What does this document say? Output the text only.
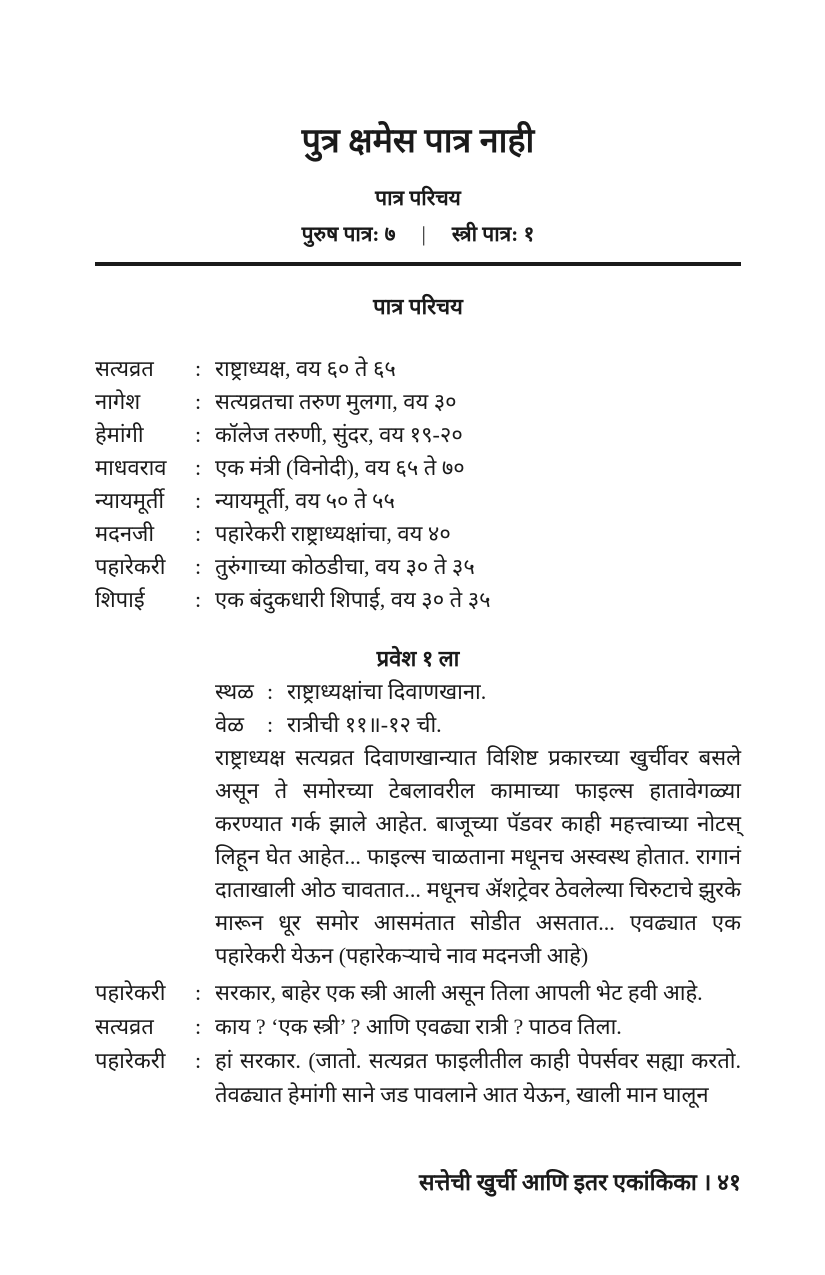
पुत्र क्षमेस पात्र नाही
पात्र परिचय
पुरुष पात्र: ७ | स्त्री पात्र: १
पात्र परिचय
सत्यव्रत	: राष्ट्राध्यक्ष, वय ६० ते ६५
नागेश	: सत्यव्रतचा तरुण मुलगा, वय ३०
हेमांगी	: कॉलेज तरुणी, सुंदर, वय १९-२०
माधवराव	: एक मंत्री (विनोदी), वय ६५ ते ७०
न्यायमूर्ती	: न्यायमूर्ती, वय ५० ते ५५
मदनजी	: पहारेकरी राष्ट्राध्यक्षांचा, वय ४०
पहारेकरी	: तुरुंगाच्या कोठडीचा, वय ३० ते ३५
शिपाई	: एक बंदुकधारी शिपाई, वय ३० ते ३५
प्रवेश १ ला
स्थळ : राष्ट्राध्यक्षांचा दिवाणखाना.
वेळ	: रात्रीची ११॥-१२ ची.
राष्ट्राध्यक्ष सत्यव्रत दिवाणखान्यात विशिष्ट प्रकारच्या खुर्चीवर बसले असून ते समोरच्या टेबलावरील कामाच्या फाइल्स हातावेगळ्या करण्यात गर्क झाले आहेत. बाजूच्या पॅडवर काही महत्त्वाच्या नोटस् लिहून घेत आहेत... फाइल्स चाळताना मधूनच अस्वस्थ होतात. रागानं दाताखाली ओठ चावतात... मधूनच ॲशट्रेवर ठेवलेल्या चिरुटाचे झुरके मारून धूर समोर आसमंतात सोडीत असतात... एवढ्यात एक पहारेकरी येऊन (पहारेकऱ्याचे नाव मदनजी आहे)
पहारेकरी	: सरकार, बाहेर एक स्त्री आली असून तिला आपली भेट हवी आहे.
सत्यव्रत	: काय ? ‘एक स्त्री’ ? आणि एवढ्या रात्री ? पाठव तिला.
पहारेकरी	: हां सरकार. (जातो. सत्यव्रत फाइलीतील काही पेपर्सवर सह्या करतो. तेवढ्यात हेमांगी साने जड पावलाने आत येऊन, खाली मान घालून
सत्तेची खुर्ची आणि इतर एकांकिका । ४१
